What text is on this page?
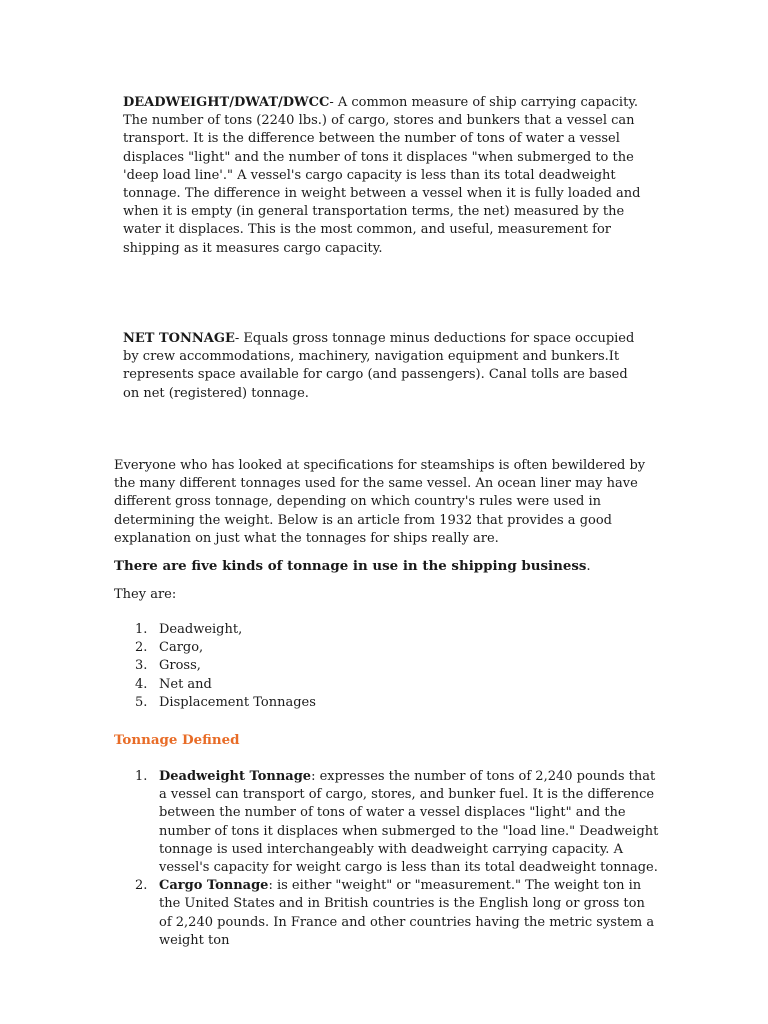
DEADWEIGHT/DWAT/DWCC- A common measure of ship carrying capacity. The number of tons (2240 lbs.) of cargo, stores and bunkers that a vessel can transport. It is the difference between the number of tons of water a vessel displaces "light" and the number of tons it displaces "when submerged to the 'deep load line'." A vessel's cargo capacity is less than its total deadweight tonnage. The difference in weight between a vessel when it is fully loaded and when it is empty (in general transportation terms, the net) measured by the water it displaces. This is the most common, and useful, measurement for shipping as it measures cargo capacity.

NET TONNAGE- Equals gross tonnage minus deductions for space occupied by crew accommodations, machinery, navigation equipment and bunkers.It represents space available for cargo (and passengers). Canal tolls are based on net (registered) tonnage.

Everyone who has looked at specifications for steamships is often bewildered by the many different tonnages used for the same vessel. An ocean liner may have different gross tonnage, depending on which country's rules were used in determining the weight. Below is an article from 1932 that provides a good explanation on just what the tonnages for ships really are.

There are five kinds of tonnage in use in the shipping business.

They are:

1. Deadweight,
2. Cargo,
3. Gross,
4. Net and
5. Displacement Tonnages
Tonnage Defined
1. Deadweight Tonnage: expresses the number of tons of 2,240 pounds that a vessel can transport of cargo, stores, and bunker fuel. It is the difference between the number of tons of water a vessel displaces "light" and the number of tons it displaces when submerged to the "load line." Deadweight tonnage is used interchangeably with deadweight carrying capacity. A vessel's capacity for weight cargo is less than its total deadweight tonnage.
2. Cargo Tonnage: is either "weight" or "measurement." The weight ton in the United States and in British countries is the English long or gross ton of 2,240 pounds. In France and other countries having the metric system a weight ton
